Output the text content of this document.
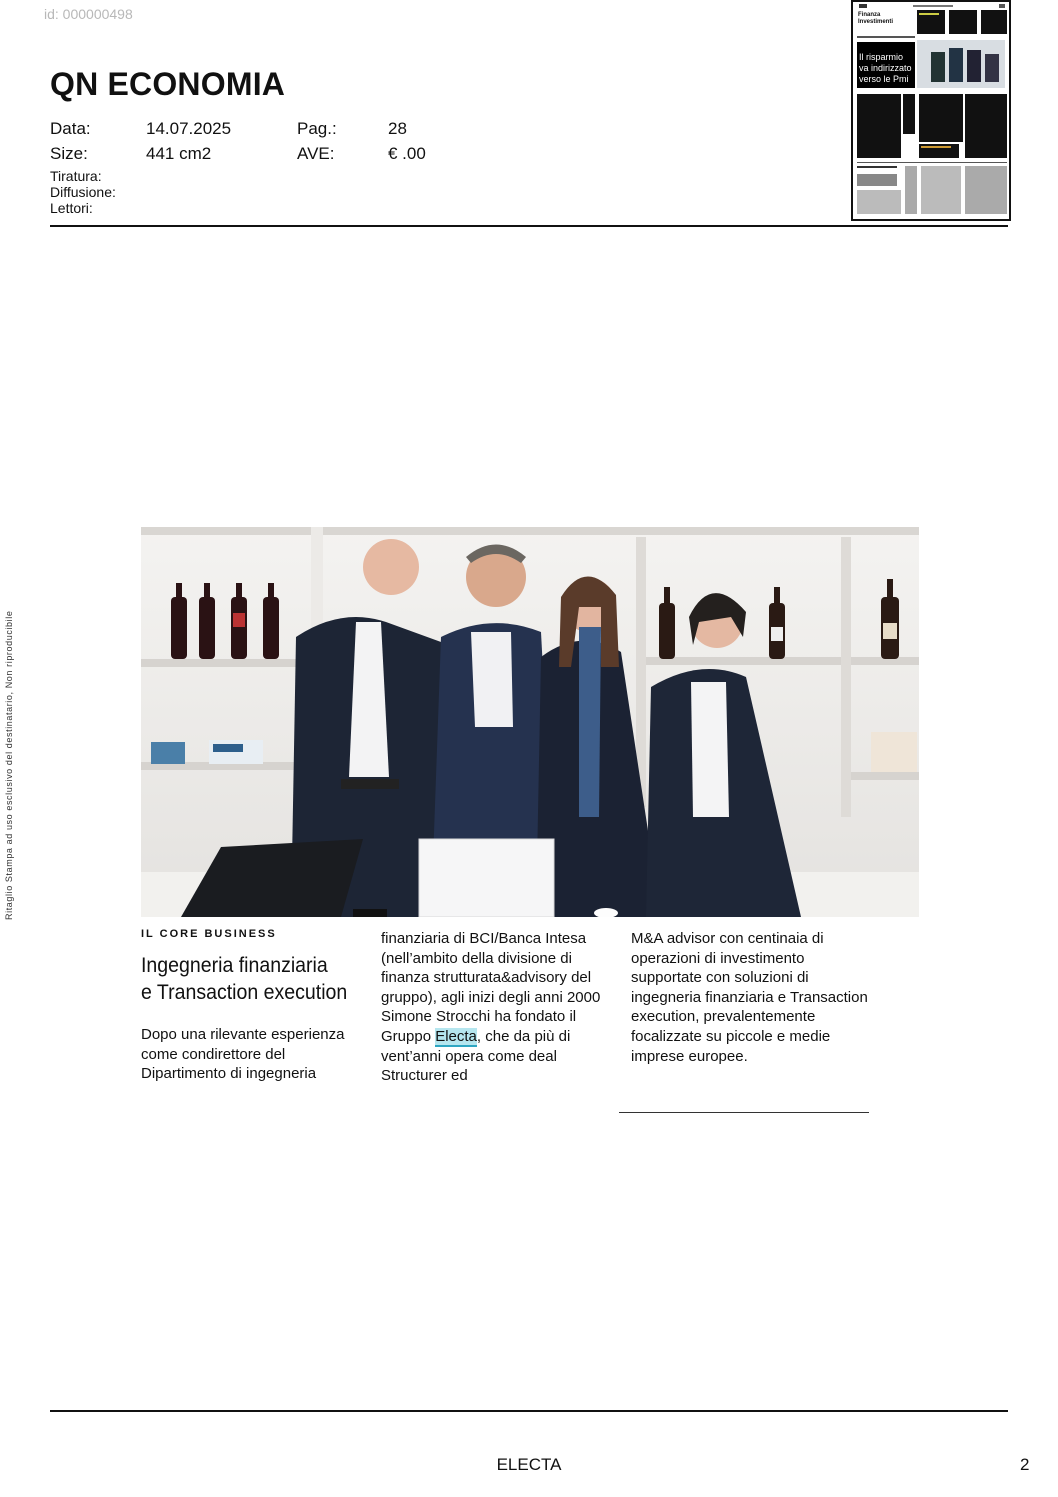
id: 000000498
QN ECONOMIA
Data:	14.07.2025	Pag.:	28
Size:	441 cm2	AVE:	€ .00
Tiratura:
Diffusione:
Lettori:
Finanza
Investimenti
Il risparmio
va indirizzato
verso le Pmi
Ritaglio Stampa ad uso esclusivo del destinatario, Non riproducibile
IL CORE BUSINESS
Ingegneria finanziaria
e Transaction execution

Dopo una rilevante esperienza come condirettore del Dipartimento di ingegneria

finanziaria di BCI/Banca Intesa (nell’ambito della divisione di finanza strutturata&advisory del gruppo), agli inizi degli anni 2000 Simone Strocchi ha fondato il Gruppo Electa, che da più di vent’anni opera come deal Structurer ed

M&A advisor con centinaia di operazioni di investimento supportate con soluzioni di ingegneria finanziaria e Transaction execution, prevalentemente focalizzate su piccole e medie imprese europee.

ELECTA	2
